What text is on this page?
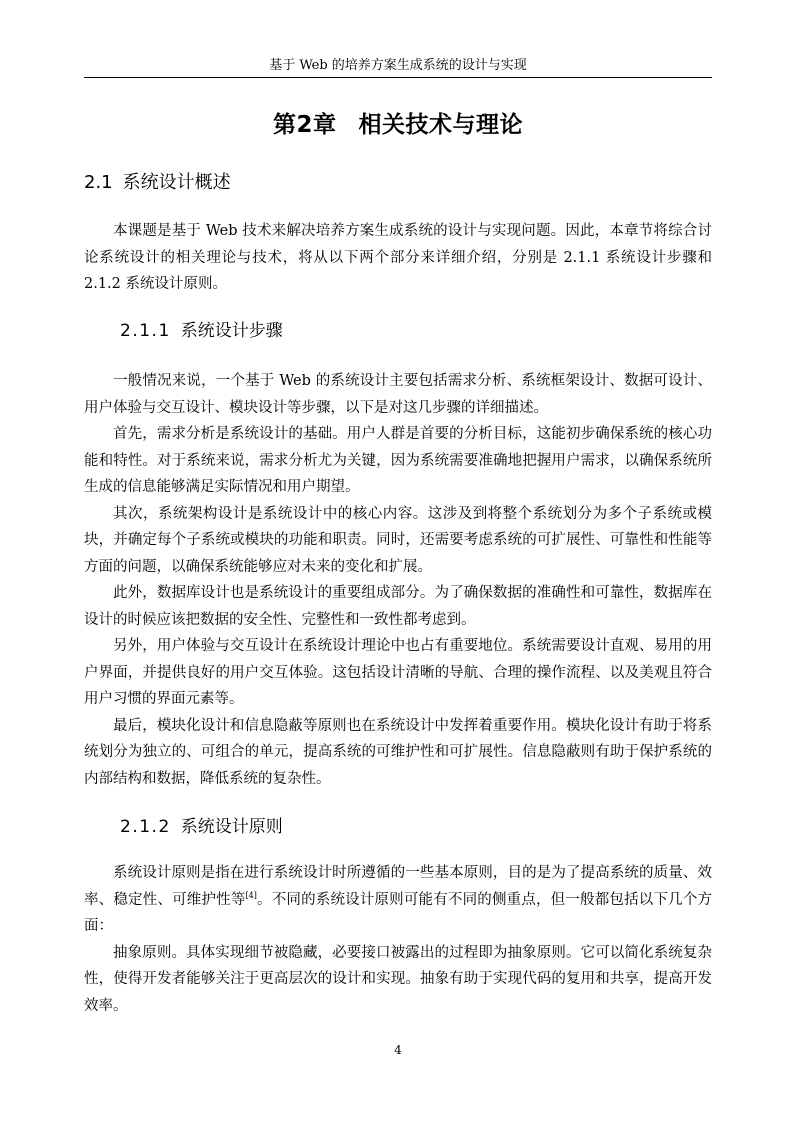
基于 Web 的培养方案生成系统的设计与实现
第2章 相关技术与理论
2.1 系统设计概述

本课题是基于 Web 技术来解决培养方案生成系统的设计与实现问题。因此，本章节将综合讨论系统设计的相关理论与技术，将从以下两个部分来详细介绍，分别是 2.1.1 系统设计步骤和 2.1.2 系统设计原则。

2.1.1 系统设计步骤

一般情况来说，一个基于 Web 的系统设计主要包括需求分析、系统框架设计、数据可设计、用户体验与交互设计、模块设计等步骤，以下是对这几步骤的详细描述。

首先，需求分析是系统设计的基础。用户人群是首要的分析目标，这能初步确保系统的核心功能和特性。对于系统来说，需求分析尤为关键，因为系统需要准确地把握用户需求，以确保系统所生成的信息能够满足实际情况和用户期望。

其次，系统架构设计是系统设计中的核心内容。这涉及到将整个系统划分为多个子系统或模块，并确定每个子系统或模块的功能和职责。同时，还需要考虑系统的可扩展性、可靠性和性能等方面的问题，以确保系统能够应对未来的变化和扩展。

此外，数据库设计也是系统设计的重要组成部分。为了确保数据的准确性和可靠性，数据库在设计的时候应该把数据的安全性、完整性和一致性都考虑到。

另外，用户体验与交互设计在系统设计理论中也占有重要地位。系统需要设计直观、易用的用户界面，并提供良好的用户交互体验。这包括设计清晰的导航、合理的操作流程、以及美观且符合用户习惯的界面元素等。

最后，模块化设计和信息隐蔽等原则也在系统设计中发挥着重要作用。模块化设计有助于将系统划分为独立的、可组合的单元，提高系统的可维护性和可扩展性。信息隐蔽则有助于保护系统的内部结构和数据，降低系统的复杂性。

2.1.2 系统设计原则

系统设计原则是指在进行系统设计时所遵循的一些基本原则，目的是为了提高系统的质量、效率、稳定性、可维护性等[4]。不同的系统设计原则可能有不同的侧重点，但一般都包括以下几个方面：

抽象原则。具体实现细节被隐藏，必要接口被露出的过程即为抽象原则。它可以简化系统复杂性，使得开发者能够关注于更高层次的设计和实现。抽象有助于实现代码的复用和共享，提高开发效率。

4
